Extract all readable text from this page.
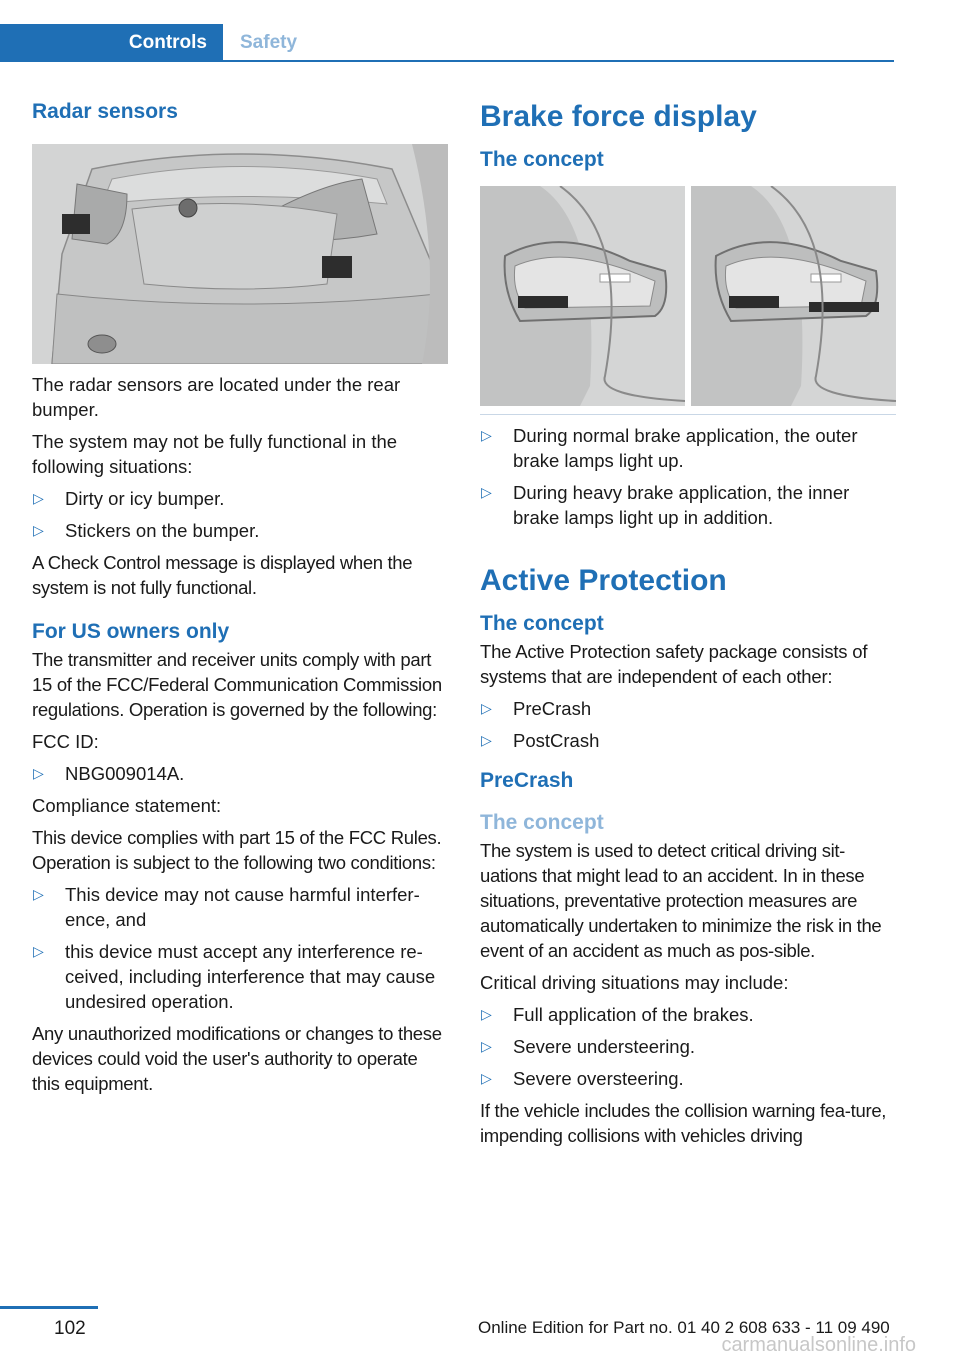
Controls	Safety
Radar sensors

The radar sensors are located under the rear bumper.

The system may not be fully functional in the following situations:

▷ Dirty or icy bumper.
▷ Stickers on the bumper.

A Check Control message is displayed when the system is not fully functional.

For US owners only

The transmitter and receiver units comply with part 15 of the FCC/Federal Communication Commission regulations. Operation is governed by the following:

FCC ID:

▷ NBG009014A.

Compliance statement:

This device complies with part 15 of the FCC Rules. Operation is subject to the following two conditions:

▷ This device may not cause harmful interfer‐ence, and
▷ this device must accept any interference re‐ceived, including interference that may cause undesired operation.

Any unauthorized modifications or changes to these devices could void the user's authority to operate this equipment.

Brake force display
The concept
▷ During normal brake application, the outer brake lamps light up.
▷ During heavy brake application, the inner brake lamps light up in addition.
Active Protection
The concept

The Active Protection safety package consists of systems that are independent of each other:

▷ PreCrash
▷ PostCrash
PreCrash
The concept

The system is used to detect critical driving sit‐uations that might lead to an accident. In in these situations, preventative protection measures are automatically undertaken to minimize the risk in the event of an accident as much as pos‐sible.

Critical driving situations may include:

▷ Full application of the brakes.
▷ Severe understeering.
▷ Severe oversteering.

If the vehicle includes the collision warning fea‐ture, impending collisions with vehicles driving

102	Online Edition for Part no. 01 40 2 608 633 - 11 09 490
carmanualsonline.info
